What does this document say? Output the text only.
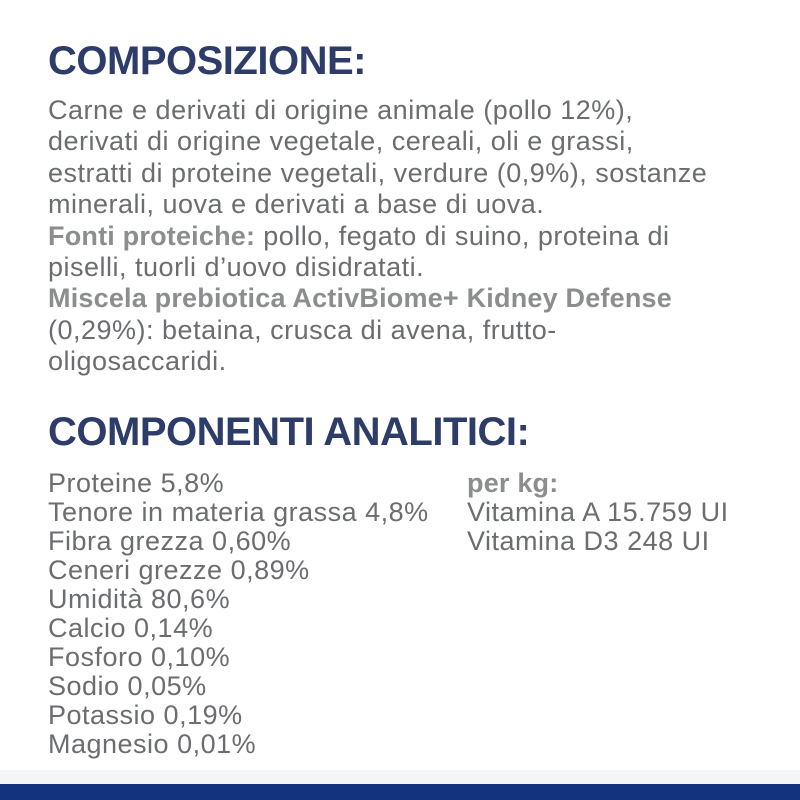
COMPOSIZIONE:
Carne e derivati di origine animale (pollo 12%),
derivati di origine vegetale, cereali, oli e grassi,
estratti di proteine vegetali, verdure (0,9%), sostanze
minerali, uova e derivati a base di uova.
Fonti proteiche: pollo, fegato di suino, proteina di
piselli, tuorli d’uovo disidratati.
Miscela prebiotica ActivBiome+ Kidney Defense
(0,29%): betaina, crusca di avena, frutto-
oligosaccaridi.
COMPONENTI ANALITICI:
Proteine 5,8%
Tenore in materia grassa 4,8%
Fibra grezza 0,60%
Ceneri grezze 0,89%
Umidità 80,6%
Calcio 0,14%
Fosforo 0,10%
Sodio 0,05%
Potassio 0,19%
Magnesio 0,01%
per kg:
Vitamina A 15.759 UI
Vitamina D3 248 UI
